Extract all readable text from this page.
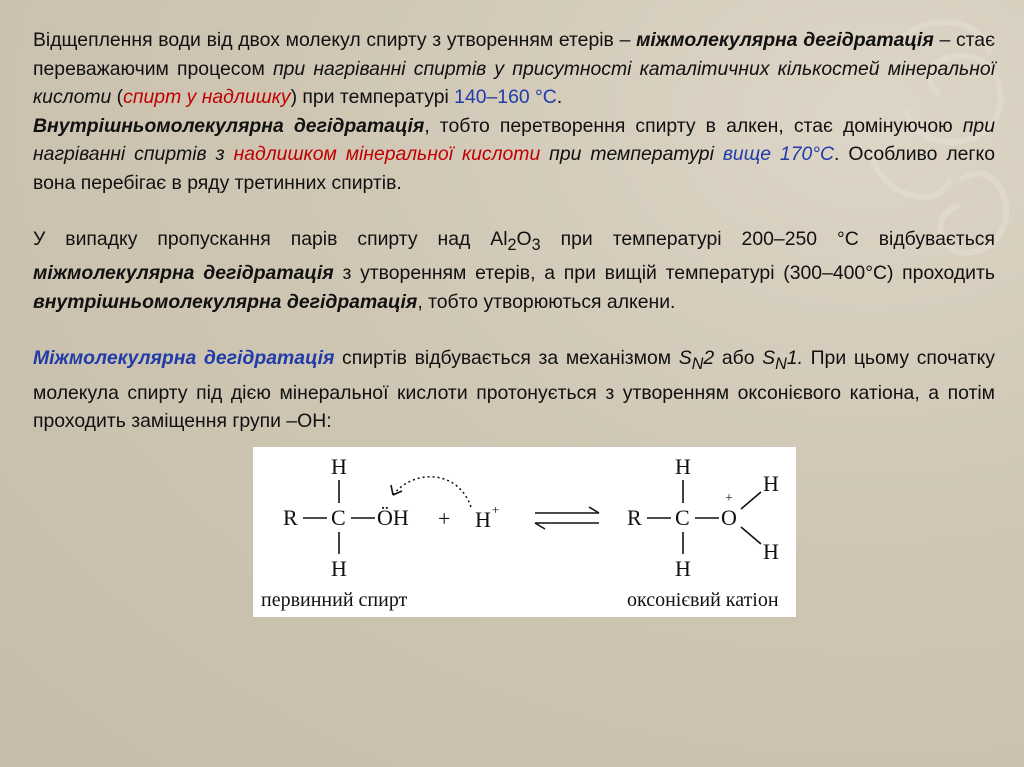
Відщеплення води від двох молекул спирту з утворенням етерів – міжмолекулярна дегідратація – стає переважаючим процесом при нагріванні спиртів у присутності каталітичних кількостей мінеральної кислоти (спирт у надлишку) при температурі 140–160 °С.

Внутрішньомолекулярна дегідратація, тобто перетворення спирту в алкен, стає домінуючою при нагріванні спиртів з надлишком мінеральної кислоти при температурі вище 170°С. Особливо легко вона перебігає в ряду третинних спиртів.

У випадку пропускання парів спирту над $Al_2O_3$ при температурі 200–250 °С відбувається міжмолекулярна дегідратація з утворенням етерів, а при вищій температурі (300–400°С) проходить внутрішньомолекулярна дегідратація, тобто утворюються алкени.

Міжмолекулярна дегідратація спиртів відбувається за механізмом $S_N2$ або $S_N1$. При цьому спочатку молекула спирту під дією мінеральної кислоти протонується з утворенням оксонієвого катіона, а потім проходить заміщення групи –ОН:

H
R C ÖH
H
+ H +
H
R C O
+
H
H
H
первинний спирт	оксонієвий катіон
